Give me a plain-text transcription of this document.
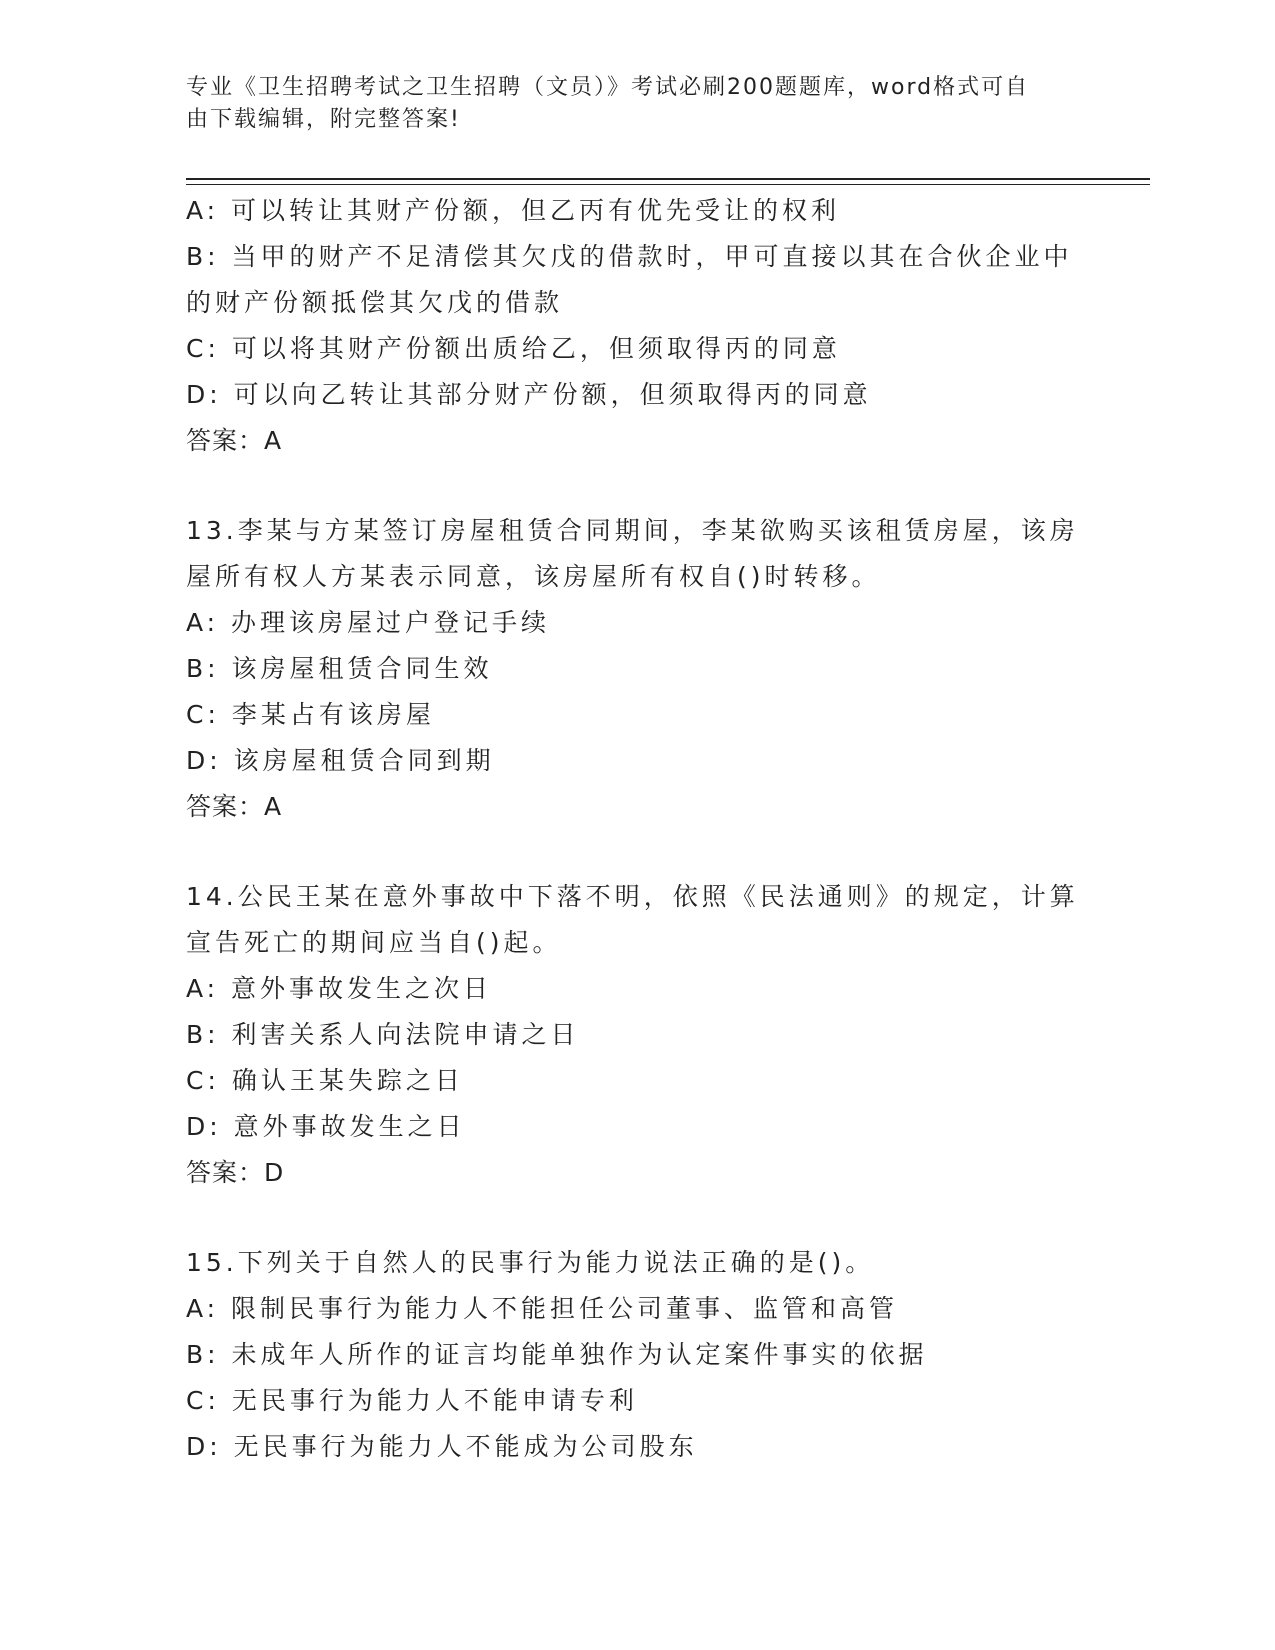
专业《卫生招聘考试之卫生招聘（文员）》考试必刷200题题库，word格式可自
由下载编辑，附完整答案!
A: 可以转让其财产份额，但乙丙有优先受让的权利
B: 当甲的财产不足清偿其欠戊的借款时，甲可直接以其在合伙企业中
的财产份额抵偿其欠戊的借款
C: 可以将其财产份额出质给乙，但须取得丙的同意
D: 可以向乙转让其部分财产份额，但须取得丙的同意
答案：A
13.李某与方某签订房屋租赁合同期间，李某欲购买该租赁房屋，该房
屋所有权人方某表示同意，该房屋所有权自()时转移。
A: 办理该房屋过户登记手续
B: 该房屋租赁合同生效
C: 李某占有该房屋
D: 该房屋租赁合同到期
答案：A
14.公民王某在意外事故中下落不明，依照《民法通则》的规定，计算
宣告死亡的期间应当自()起。
A: 意外事故发生之次日
B: 利害关系人向法院申请之日
C: 确认王某失踪之日
D: 意外事故发生之日
答案：D
15.下列关于自然人的民事行为能力说法正确的是()。
A: 限制民事行为能力人不能担任公司董事、监管和高管
B: 未成年人所作的证言均能单独作为认定案件事实的依据
C: 无民事行为能力人不能申请专利
D: 无民事行为能力人不能成为公司股东
